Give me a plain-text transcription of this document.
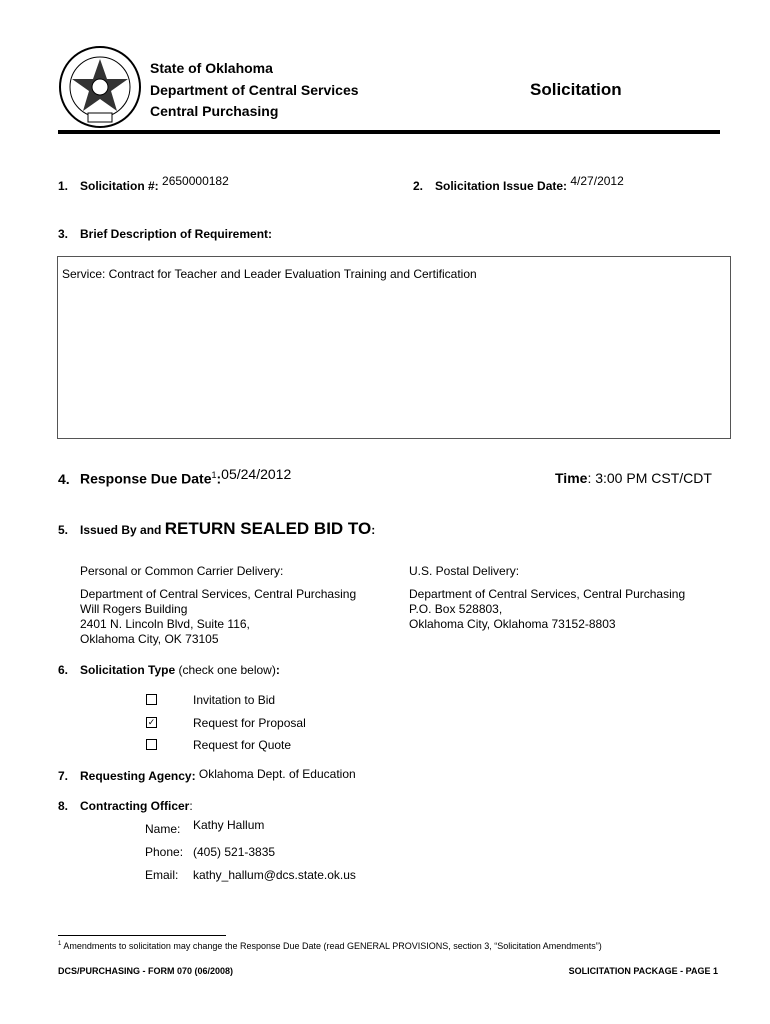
State of Oklahoma
Department of Central Services
Central Purchasing
Solicitation
1. Solicitation #: 2650000182	2. Solicitation Issue Date: 4/27/2012
3. Brief Description of Requirement:
Service: Contract for Teacher and Leader Evaluation Training and Certification
4. Response Due Date$^1$:05/24/2012	Time: 3:00 PM CST/CDT
5. Issued By and RETURN SEALED BID TO:
Personal or Common Carrier Delivery:
Department of Central Services, Central Purchasing
Will Rogers Building
2401 N. Lincoln Blvd, Suite 116,
Oklahoma City, OK 73105
U.S. Postal Delivery:
Department of Central Services, Central Purchasing
P.O. Box 528803,
Oklahoma City, Oklahoma 73152-8803
6. Solicitation Type (check one below):
Invitation to Bid
✓	Request for Proposal
Request for Quote
7. Requesting Agency: Oklahoma Dept. of Education
8. Contracting Officer:
Name: Kathy Hallum
Phone: (405) 521-3835
Email: kathy_hallum@dcs.state.ok.us
$^1$ Amendments to solicitation may change the Response Due Date (read GENERAL PROVISIONS, section 3, “Solicitation Amendments”)
DCS/PURCHASING - FORM 070 (06/2008)	SOLICITATION PACKAGE - PAGE 1
